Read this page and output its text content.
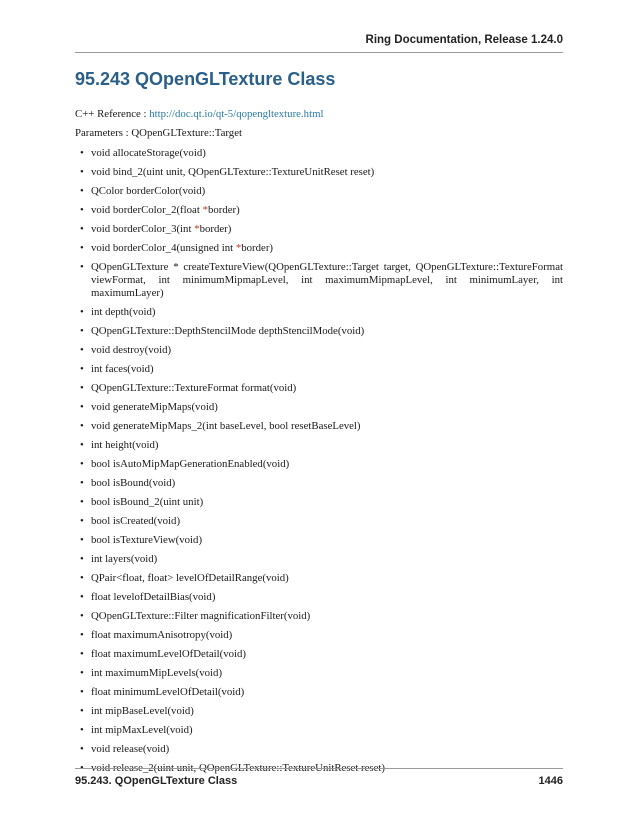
Ring Documentation, Release 1.24.0
95.243 QOpenGLTexture Class
C++ Reference : http://doc.qt.io/qt-5/qopengltexture.html
Parameters : QOpenGLTexture::Target
• void allocateStorage(void)
• void bind_2(uint unit, QOpenGLTexture::TextureUnitReset reset)
• QColor borderColor(void)
• void borderColor_2(float *border)
• void borderColor_3(int *border)
• void borderColor_4(unsigned int *border)
• QOpenGLTexture * createTextureView(QOpenGLTexture::Target target, QOpenGLTexture::TextureFormat viewFormat, int minimumMipmapLevel, int maximumMipmapLevel, int minimumLayer, int maximumLayer)
• int depth(void)
• QOpenGLTexture::DepthStencilMode depthStencilMode(void)
• void destroy(void)
• int faces(void)
• QOpenGLTexture::TextureFormat format(void)
• void generateMipMaps(void)
• void generateMipMaps_2(int baseLevel, bool resetBaseLevel)
• int height(void)
• bool isAutoMipMapGenerationEnabled(void)
• bool isBound(void)
• bool isBound_2(uint unit)
• bool isCreated(void)
• bool isTextureView(void)
• int layers(void)
• QPair<float, float> levelOfDetailRange(void)
• float levelofDetailBias(void)
• QOpenGLTexture::Filter magnificationFilter(void)
• float maximumAnisotropy(void)
• float maximumLevelOfDetail(void)
• int maximumMipLevels(void)
• float minimumLevelOfDetail(void)
• int mipBaseLevel(void)
• int mipMaxLevel(void)
• void release(void)
• void release_2(uint unit, QOpenGLTexture::TextureUnitReset reset)
95.243. QOpenGLTexture Class	1446
